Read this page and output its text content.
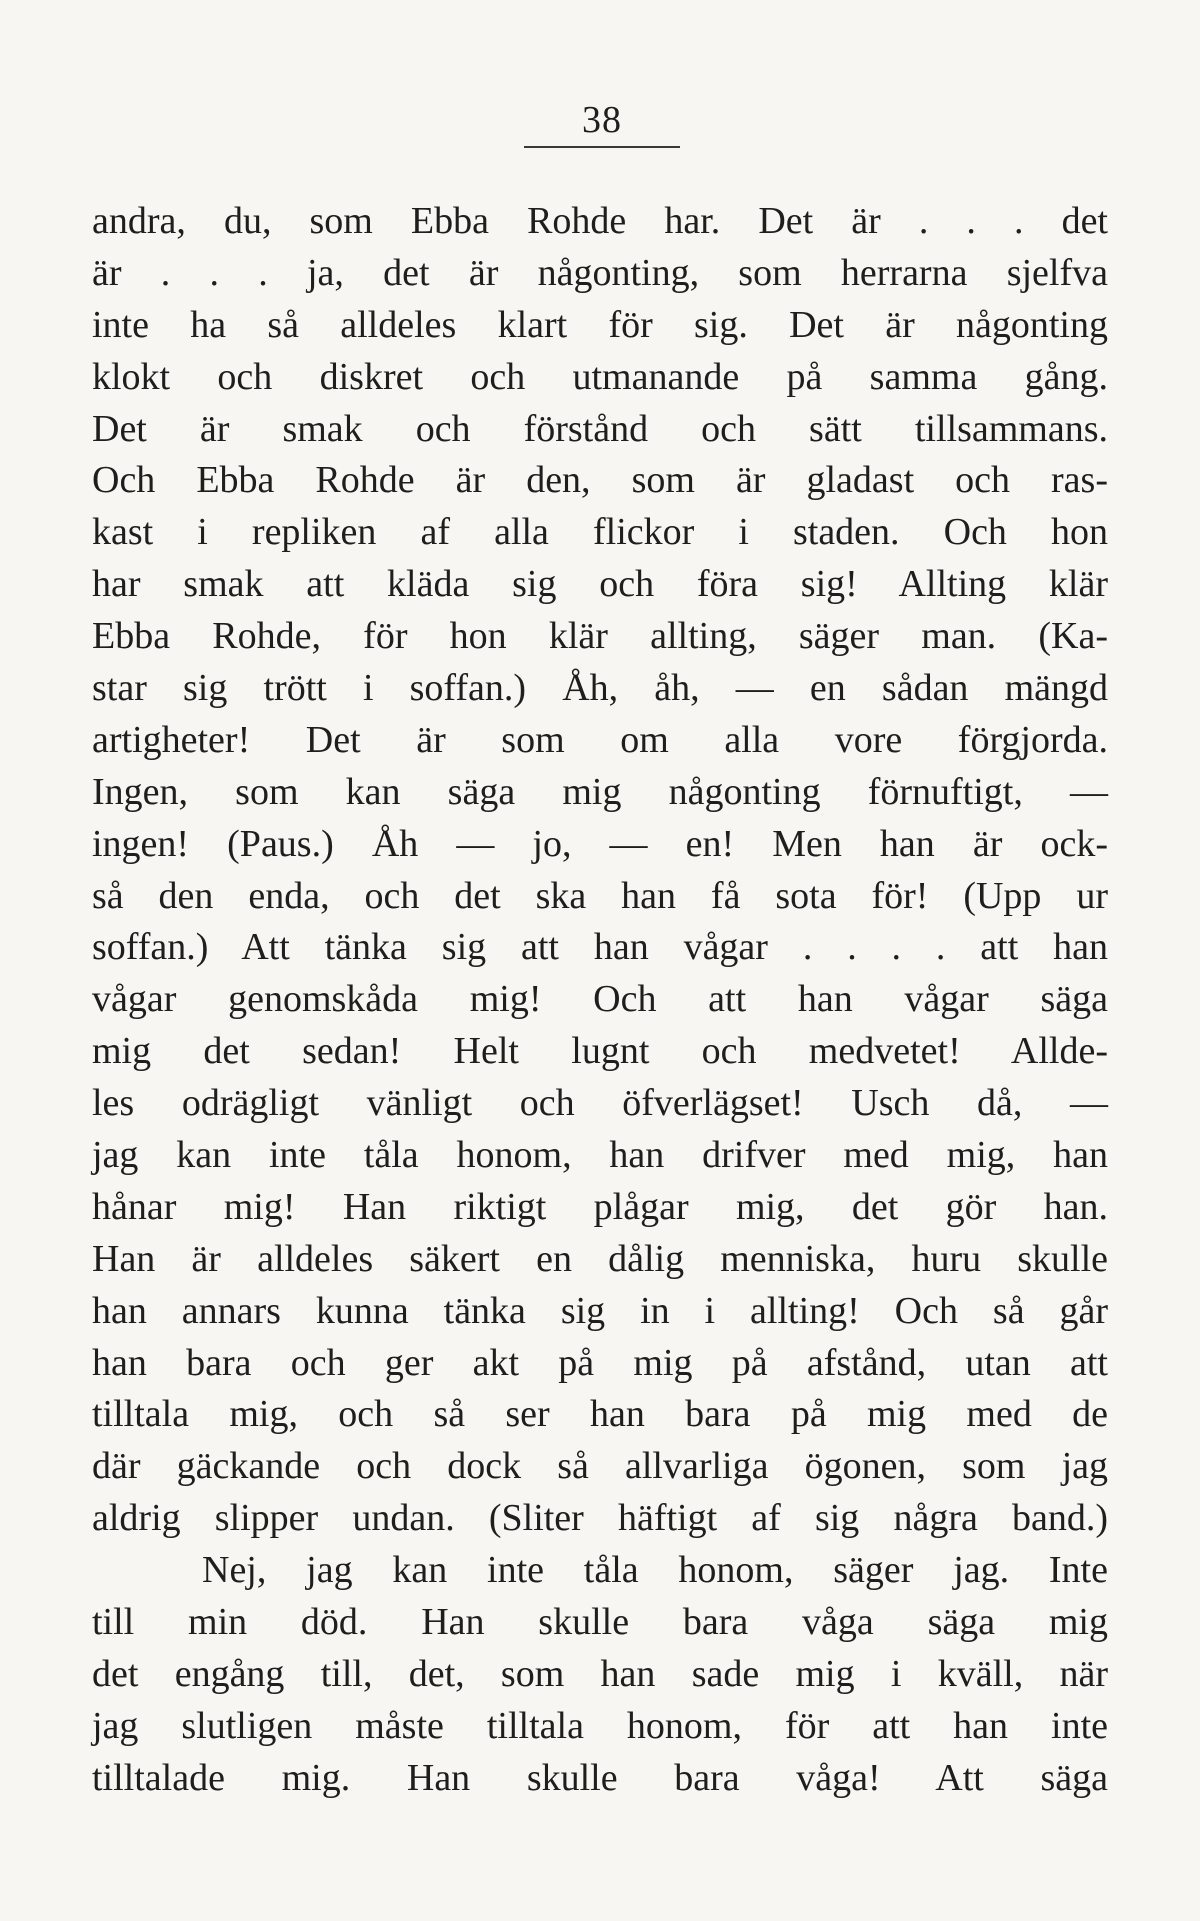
38
andra, du, som Ebba Rohde har. Det är . . . det
är . . . ja, det är någonting, som herrarna sjelfva
inte ha så alldeles klart för sig. Det är någonting
klokt och diskret och utmanande på samma gång.
Det är smak och förstånd och sätt tillsammans.
Och Ebba Rohde är den, som är gladast och ras-
kast i repliken af alla flickor i staden. Och hon
har smak att kläda sig och föra sig! Allting klär
Ebba Rohde, för hon klär allting, säger man. (Ka-
star sig trött i soffan.) Åh, åh, — en sådan mängd
artigheter! Det är som om alla vore förgjorda.
Ingen, som kan säga mig någonting förnuftigt, —
ingen! (Paus.) Åh — jo, — en! Men han är ock-
så den enda, och det ska han få sota för! (Upp ur
soffan.) Att tänka sig att han vågar . . . . att han
vågar genomskåda mig! Och att han vågar säga
mig det sedan! Helt lugnt och medvetet! Allde-
les odrägligt vänligt och öfverlägset! Usch då, —
jag kan inte tåla honom, han drifver med mig, han
hånar mig! Han riktigt plågar mig, det gör han.
Han är alldeles säkert en dålig menniska, huru skulle
han annars kunna tänka sig in i allting! Och så går
han bara och ger akt på mig på afstånd, utan att
tilltala mig, och så ser han bara på mig med de
där gäckande och dock så allvarliga ögonen, som jag
aldrig slipper undan. (Sliter häftigt af sig några band.)
Nej, jag kan inte tåla honom, säger jag. Inte
till min död. Han skulle bara våga säga mig
det engång till, det, som han sade mig i kväll, när
jag slutligen måste tilltala honom, för att han inte
tilltalade mig. Han skulle bara våga! Att säga
